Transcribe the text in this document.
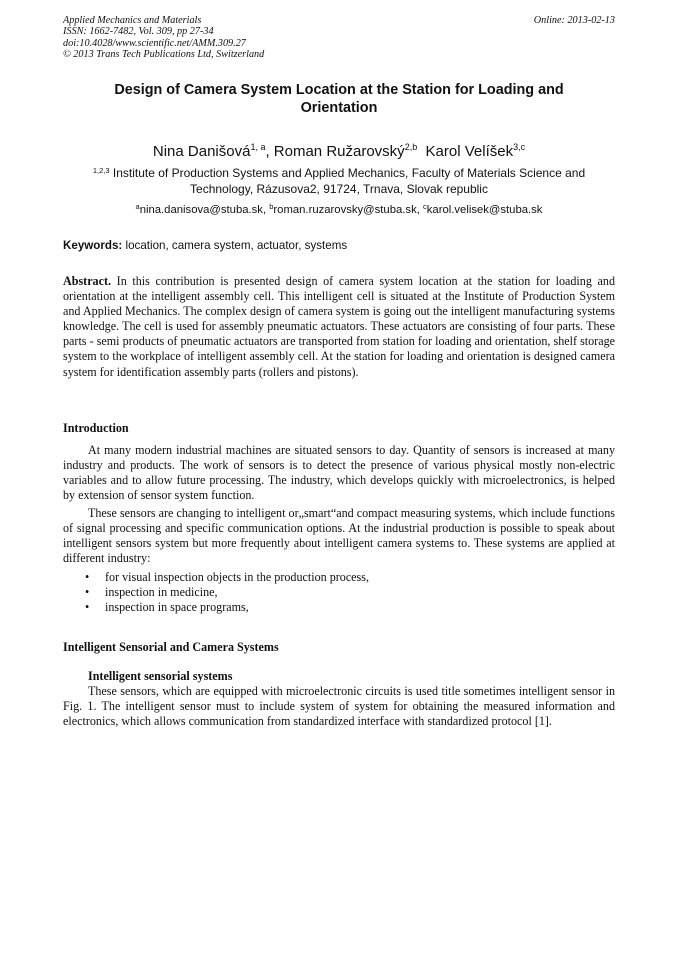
Applied Mechanics and Materials
ISSN: 1662-7482, Vol. 309, pp 27-34
doi:10.4028/www.scientific.net/AMM.309.27
© 2013 Trans Tech Publications Ltd, Switzerland
Online: 2013-02-13
Design of Camera System Location at the Station for Loading and Orientation
Nina Danišová$^{1, a}$, Roman Ružarovský$^{2,b}$ Karol Velíšek$^{3,c}$
$^{1,2,3}$ Institute of Production Systems and Applied Mechanics, Faculty of Materials Science and Technology, Rázusova2, 91724, Trnava, Slovak republic
$^a$nina.danisova@stuba.sk, $^b$roman.ruzarovsky@stuba.sk, $^c$karol.velisek@stuba.sk
Keywords: location, camera system, actuator, systems
Abstract. In this contribution is presented design of camera system location at the station for loading and orientation at the intelligent assembly cell. This intelligent cell is situated at the Institute of Production System and Applied Mechanics. The complex design of camera system is going out the intelligent manufacturing systems knowledge. The cell is used for assembly pneumatic actuators. These actuators are consisting of four parts. These parts - semi products of pneumatic actuators are transported from station for loading and orientation, shelf storage system to the workplace of intelligent assembly cell. At the station for loading and orientation is designed camera system for identification assembly parts (rollers and pistons).
Introduction
At many modern industrial machines are situated sensors to day. Quantity of sensors is increased at many industry and products. The work of sensors is to detect the presence of various physical mostly non-electric variables and to allow future processing. The industry, which develops quickly with microelectronics, is helped by extension of sensor system function.
These sensors are changing to intelligent or„smart“and compact measuring systems, which include functions of signal processing and specific communication options. At the industrial production is possible to speak about intelligent sensors system but more frequently about intelligent camera systems to. These systems are applied at different industry:
• for visual inspection objects in the production process,
• inspection in medicine,
• inspection in space programs,
Intelligent Sensorial and Camera Systems
Intelligent sensorial systems
These sensors, which are equipped with microelectronic circuits is used title sometimes intelligent sensor in Fig. 1. The intelligent sensor must to include system of system for obtaining the measured information and electronics, which allows communication from standardized interface with standardized protocol [1].
